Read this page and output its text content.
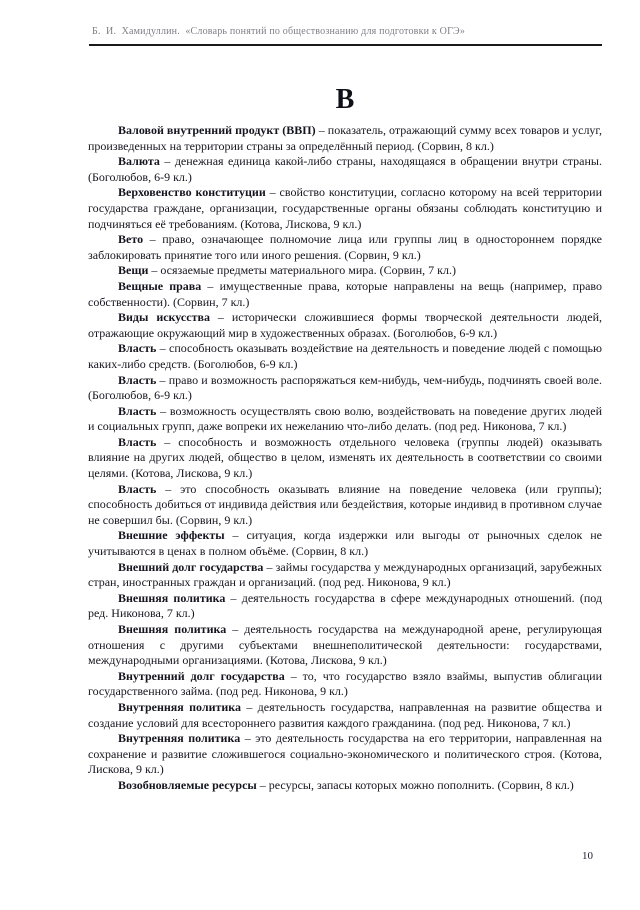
Б.  И.  Хамидуллин.  «Словарь понятий по обществознанию для подготовки к ОГЭ»
В

Валовой внутренний продукт (ВВП) – показатель, отражающий сумму всех товаров и услуг, произведенных на территории страны за определённый период. (Сорвин, 8 кл.)

Валюта – денежная единица какой-либо страны, находящаяся в обращении внутри страны. (Боголюбов, 6-9 кл.)

Верховенство конституции – свойство конституции, согласно которому на всей территории государства граждане, организации, государственные органы обязаны соблюдать конституцию и подчиняться её требованиям. (Котова, Лискова, 9 кл.)

Вето – право, означающее полномочие лица или группы лиц в одностороннем порядке заблокировать принятие того или иного решения. (Сорвин, 9 кл.)

Вещи – осязаемые предметы материального мира. (Сорвин, 7 кл.)

Вещные права – имущественные права, которые направлены на вещь (например, право собственности). (Сорвин, 7 кл.)

Виды искусства – исторически сложившиеся формы творческой деятельности людей, отражающие окружающий мир в художественных образах. (Боголюбов, 6-9 кл.)

Власть – способность оказывать воздействие на деятельность и поведение людей с помощью каких-либо средств. (Боголюбов, 6-9 кл.)

Власть – право и возможность распоряжаться кем-нибудь, чем-нибудь, подчинять своей воле. (Боголюбов, 6-9 кл.)

Власть – возможность осуществлять свою волю, воздействовать на поведение других людей и социальных групп, даже вопреки их нежеланию что-либо делать. (под ред. Никонова, 7 кл.)

Власть – способность и возможность отдельного человека (группы людей) оказывать влияние на других людей, общество в целом, изменять их деятельность в соответствии со своими целями. (Котова, Лискова, 9 кл.)

Власть – это способность оказывать влияние на поведение человека (или группы); способность добиться от индивида действия или бездействия, которые индивид в противном случае не совершил бы. (Сорвин, 9 кл.)

Внешние эффекты – ситуация, когда издержки или выгоды от рыночных сделок не учитываются в ценах в полном объёме. (Сорвин, 8 кл.)

Внешний долг государства – займы государства у международных организаций, зарубежных стран, иностранных граждан и организаций. (под ред. Никонова, 9 кл.)

Внешняя политика – деятельность государства в сфере международных отношений. (под ред. Никонова, 7 кл.)

Внешняя политика – деятельность государства на международной арене, регулирующая отношения с другими субъектами внешнеполитической деятельности: государствами, международными организациями. (Котова, Лискова, 9 кл.)

Внутренний долг государства – то, что государство взяло взаймы, выпустив облигации государственного займа. (под ред. Никонова, 9 кл.)

Внутренняя политика – деятельность государства, направленная на развитие общества и создание условий для всестороннего развития каждого гражданина. (под ред. Никонова, 7 кл.)

Внутренняя политика – это деятельность государства на его территории, направленная на сохранение и развитие сложившегося социально-экономического и политического строя. (Котова, Лискова, 9 кл.)

Возобновляемые ресурсы – ресурсы, запасы которых можно пополнить. (Сорвин, 8 кл.)

10
